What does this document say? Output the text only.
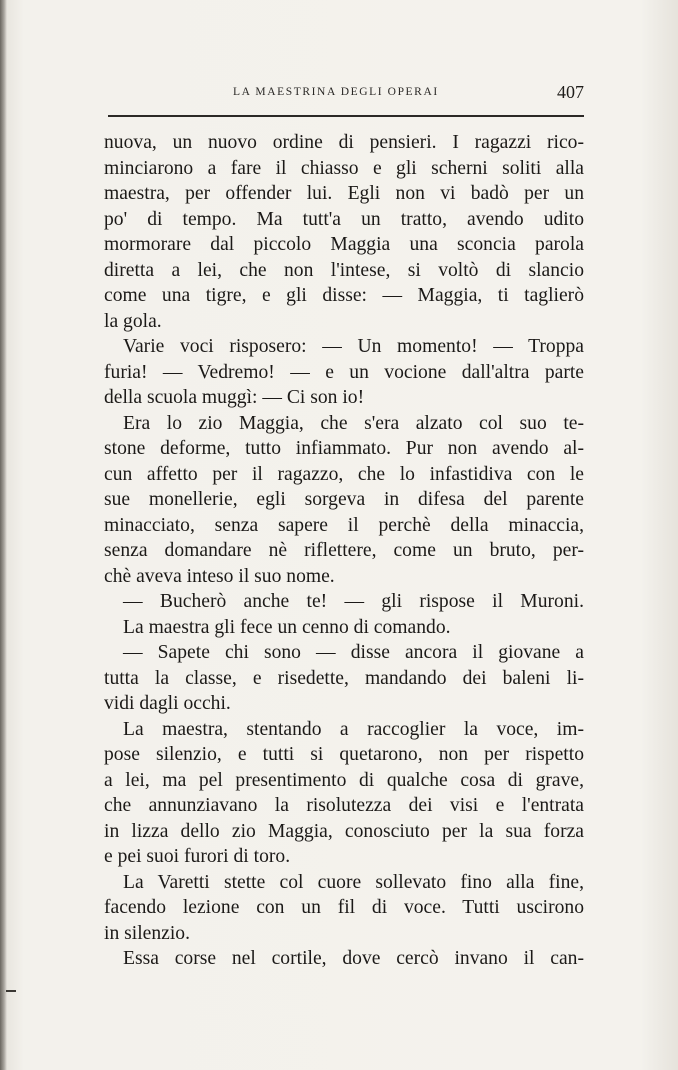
LA MAESTRINA DEGLI OPERAI	407
nuova, un nuovo ordine di pensieri. I ragazzi rico-
minciarono a fare il chiasso e gli scherni soliti alla
maestra, per offender lui. Egli non vi badò per un
po' di tempo. Ma tutt'a un tratto, avendo udito
mormorare dal piccolo Maggia una sconcia parola
diretta a lei, che non l'intese, si voltò di slancio
come una tigre, e gli disse: — Maggia, ti taglierò
la gola.
Varie voci risposero: — Un momento! — Troppa
furia! — Vedremo! — e un vocione dall'altra parte
della scuola muggì: — Ci son io!
Era lo zio Maggia, che s'era alzato col suo te-
stone deforme, tutto infiammato. Pur non avendo al-
cun affetto per il ragazzo, che lo infastidiva con le
sue monellerie, egli sorgeva in difesa del parente
minacciato, senza sapere il perchè della minaccia,
senza domandare nè riflettere, come un bruto, per-
chè aveva inteso il suo nome.
— Bucherò anche te! — gli rispose il Muroni.
La maestra gli fece un cenno di comando.
— Sapete chi sono — disse ancora il giovane a
tutta la classe, e risedette, mandando dei baleni li-
vidi dagli occhi.
La maestra, stentando a raccoglier la voce, im-
pose silenzio, e tutti si quetarono, non per rispetto
a lei, ma pel presentimento di qualche cosa di grave,
che annunziavano la risolutezza dei visi e l'entrata
in lizza dello zio Maggia, conosciuto per la sua forza
e pei suoi furori di toro.
La Varetti stette col cuore sollevato fino alla fine,
facendo lezione con un fil di voce. Tutti uscirono
in silenzio.
Essa corse nel cortile, dove cercò invano il can-
